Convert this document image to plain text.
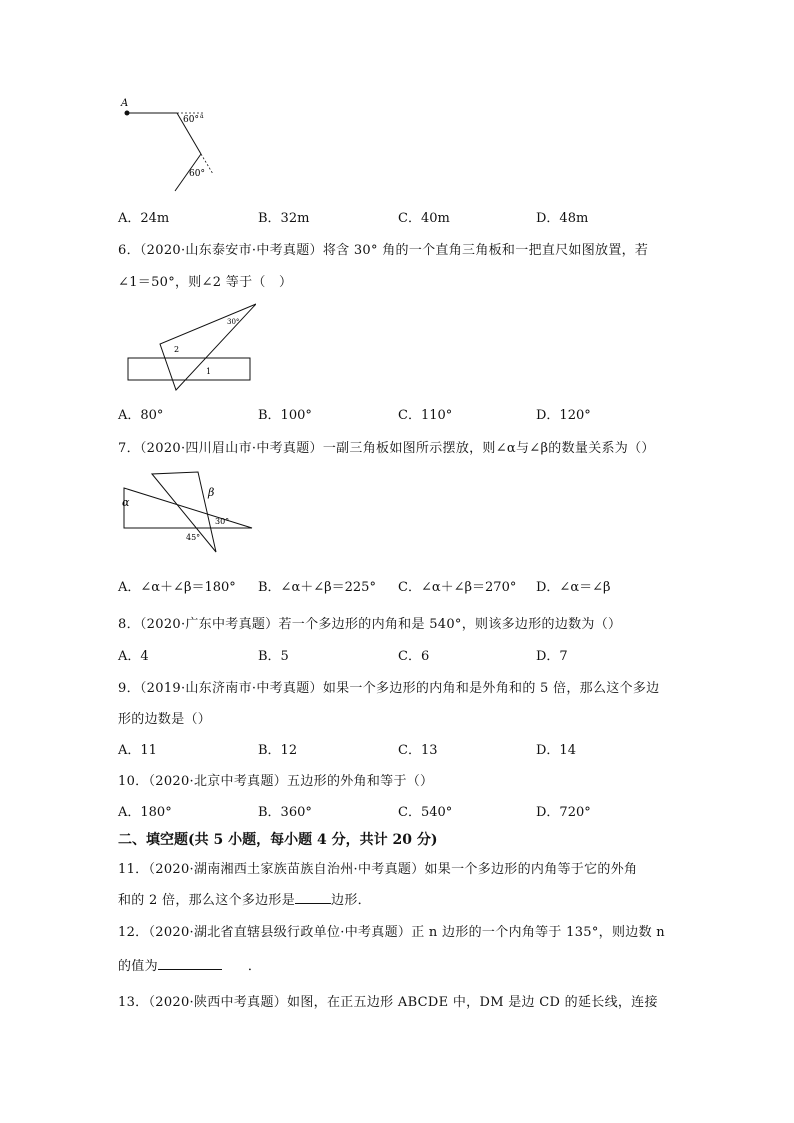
A
60°
60°
a
A．24m	B．32m	C．40m	D．48m
6．（2020·山东泰安市·中考真题）将含 30° 角的一个直角三角板和一把直尺如图放置，若
∠1＝50°，则∠2 等于（　）
30°
2
1
A．80°	B．100°	C．110°	D．120°
7．（2020·四川眉山市·中考真题）一副三角板如图所示摆放，则∠α与∠β的数量关系为（）
α
β
30°
45°
A．∠α＋∠β＝180° B．∠α＋∠β＝225° C．∠α＋∠β＝270° D．∠α＝∠β
8．（2020·广东中考真题）若一个多边形的内角和是 540°，则该多边形的边数为（）
A．4	B．5	C．6	D．7
9．（2019·山东济南市·中考真题）如果一个多边形的内角和是外角和的 5 倍，那么这个多边
形的边数是（）
A．11	B．12	C．13	D．14
10．（2020·北京中考真题）五边形的外角和等于（）
A．180°	B．360°	C．540°	D．720°
二、填空题(共 5 小题，每小题 4 分，共计 20 分)
11．（2020·湖南湘西土家族苗族自治州·中考真题）如果一个多边形的内角等于它的外角
和的 2 倍，那么这个多边形是	边形．
12．（2020·湖北省直辖县级行政单位·中考真题）正 n 边形的一个内角等于 135°，则边数 n
的值为	．
13．（2020·陕西中考真题）如图，在正五边形 ABCDE 中，DM 是边 CD 的延长线，连接
